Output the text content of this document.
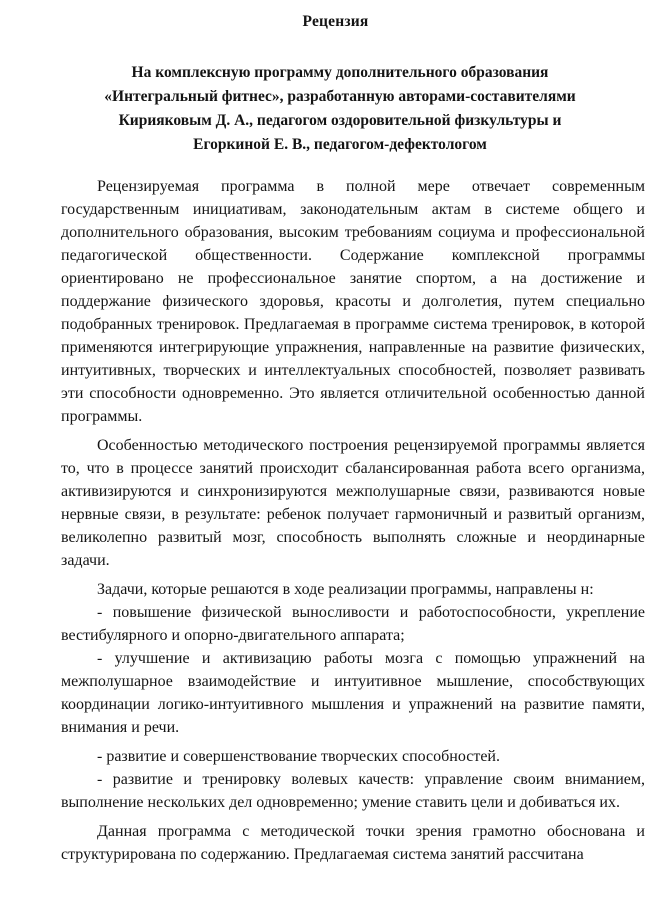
Рецензия
На комплексную программу дополнительного образования
«Интегральный фитнес», разработанную авторами-составителями
Кирияковым Д. А., педагогом оздоровительной физкультуры и
Егоркиной Е. В., педагогом-дефектологом

Рецензируемая программа в полной мере отвечает современным государственным инициативам, законодательным актам в системе общего и дополнительного образования, высоким требованиям социума и профессиональной педагогической общественности. Содержание комплексной программы ориентировано не профессиональное занятие спортом, а на достижение и поддержание физического здоровья, красоты и долголетия, путем специально подобранных тренировок. Предлагаемая в программе система тренировок, в которой применяются интегрирующие упражнения, направленные на развитие физических, интуитивных, творческих и интеллектуальных способностей, позволяет развивать эти способности одновременно. Это является отличительной особенностью данной программы.

Особенностью методического построения рецензируемой программы является то, что в процессе занятий происходит сбалансированная работа всего организма, активизируются и синхронизируются межполушарные связи, развиваются новые нервные связи, в результате: ребенок получает гармоничный и развитый организм, великолепно развитый мозг, способность выполнять сложные и неординарные задачи.

Задачи, которые решаются в ходе реализации программы, направлены н:

- повышение физической выносливости и работоспособности, укрепление вестибулярного и опорно-двигательного аппарата;

- улучшение и активизацию работы мозга с помощью упражнений на межполушарное взаимодействие и интуитивное мышление, способствующих координации логико-интуитивного мышления и упражнений на развитие памяти, внимания и речи.

- развитие и совершенствование творческих способностей.

- развитие и тренировку волевых качеств: управление своим вниманием, выполнение нескольких дел одновременно; умение ставить цели и добиваться их.

Данная программа с методической точки зрения грамотно обоснована и структурирована по содержанию. Предлагаемая система занятий рассчитана
